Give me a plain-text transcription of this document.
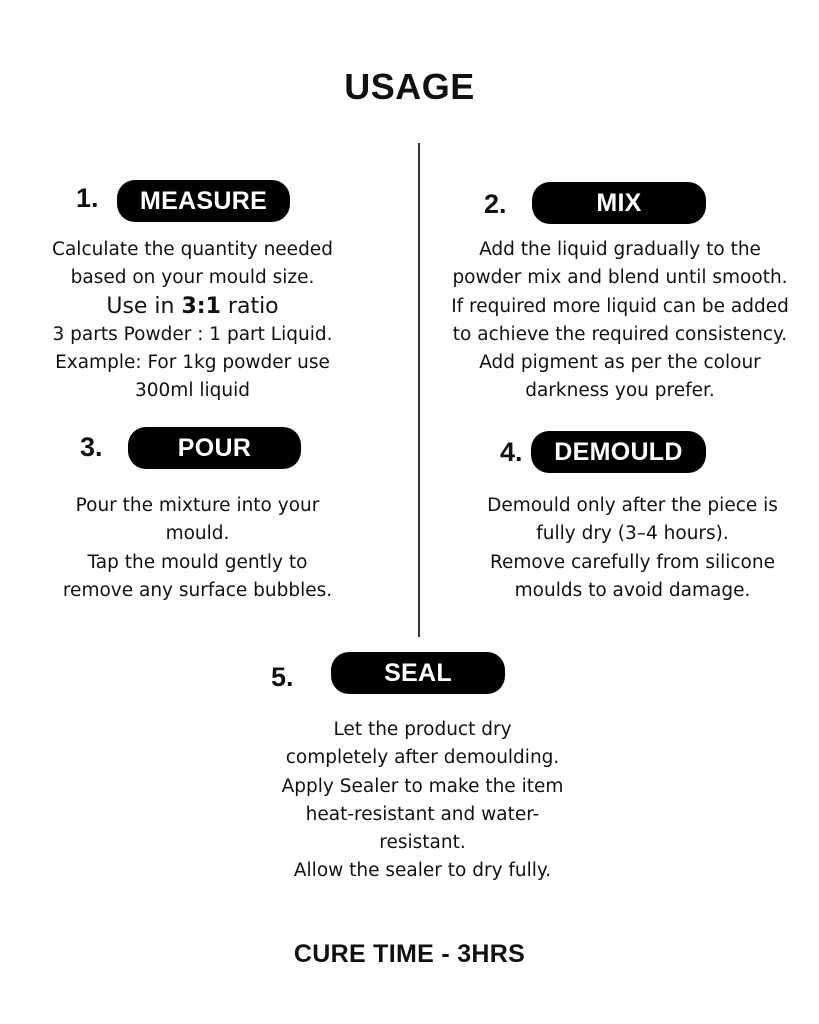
USAGE
1.	MEASURE
Calculate the quantity needed
based on your mould size.
Use in 3:1 ratio
3 parts Powder : 1 part Liquid.
Example: For 1kg powder use
300ml liquid
2.	MIX
Add the liquid gradually to the
powder mix and blend until smooth.
If required more liquid can be added
to achieve the required consistency.
Add pigment as per the colour
darkness you prefer.
3.	POUR
Pour the mixture into your
mould.
Tap the mould gently to
remove any surface bubbles.
4.	DEMOULD
Demould only after the piece is
fully dry (3–4 hours).
Remove carefully from silicone
moulds to avoid damage.
5.	SEAL
Let the product dry
completely after demoulding.
Apply Sealer to make the item
heat-resistant and water-
resistant.
Allow the sealer to dry fully.
CURE TIME - 3HRS
